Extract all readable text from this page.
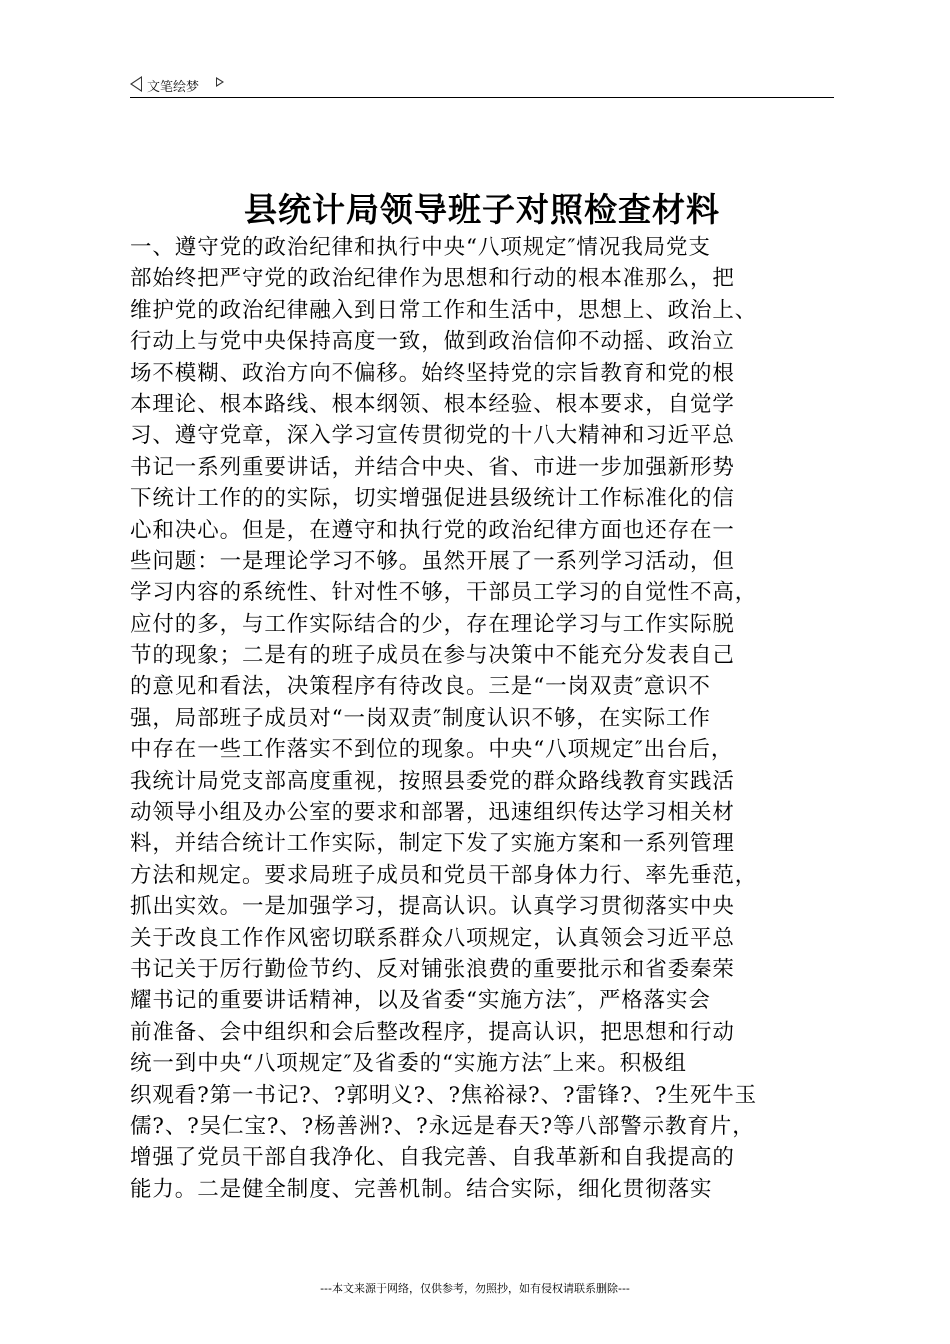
文笔绘梦
县统计局领导班子对照检查材料
一、遵守党的政治纪律和执行中央“八项规定″情况我局党支
部始终把严守党的政治纪律作为思想和行动的根本准那么，把
维护党的政治纪律融入到日常工作和生活中，思想上、政治上、
行动上与党中央保持高度一致，做到政治信仰不动摇、政治立
场不模糊、政治方向不偏移。始终坚持党的宗旨教育和党的根
本理论、根本路线、根本纲领、根本经验、根本要求，自觉学
习、遵守党章，深入学习宣传贯彻党的十八大精神和习近平总
书记一系列重要讲话，并结合中央、省、市进一步加强新形势
下统计工作的的实际，切实增强促进县级统计工作标准化的信
心和决心。但是，在遵守和执行党的政治纪律方面也还存在一
些问题：一是理论学习不够。虽然开展了一系列学习活动，但
学习内容的系统性、针对性不够，干部员工学习的自觉性不高，
应付的多，与工作实际结合的少，存在理论学习与工作实际脱
节的现象；二是有的班子成员在参与决策中不能充分发表自己
的意见和看法，决策程序有待改良。三是“一岗双责″意识不
强，局部班子成员对“一岗双责″制度认识不够，在实际工作
中存在一些工作落实不到位的现象。中央“八项规定″出台后，
我统计局党支部高度重视，按照县委党的群众路线教育实践活
动领导小组及办公室的要求和部署，迅速组织传达学习相关材
料，并结合统计工作实际，制定下发了实施方案和一系列管理
方法和规定。要求局班子成员和党员干部身体力行、率先垂范，
抓出实效。一是加强学习，提高认识。认真学习贯彻落实中央
关于改良工作作风密切联系群众八项规定，认真领会习近平总
书记关于厉行勤俭节约、反对铺张浪费的重要批示和省委秦荣
耀书记的重要讲话精神，以及省委“实施方法″，严格落实会
前准备、会中组织和会后整改程序，提高认识，把思想和行动
统一到中央“八项规定″及省委的“实施方法″上来。积极组
织观看?第一书记?、?郭明义?、?焦裕禄?、?雷锋?、?生死牛玉
儒?、?吴仁宝?、?杨善洲?、?永远是春天?等八部警示教育片，
增强了党员干部自我净化、自我完善、自我革新和自我提高的
能力。二是健全制度、完善机制。结合实际，细化贯彻落实
---本文来源于网络，仅供参考，勿照抄，如有侵权请联系删除---
